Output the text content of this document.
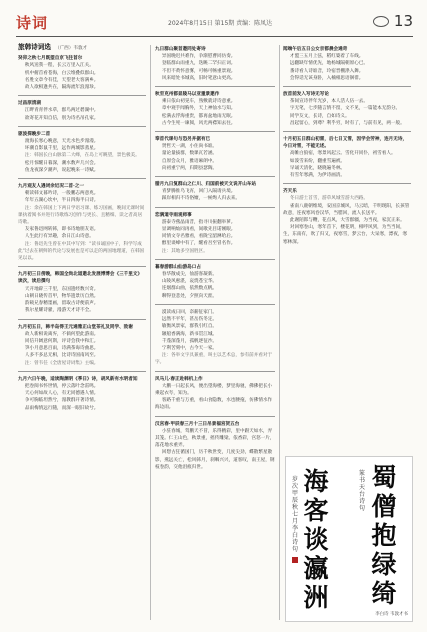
诗词	2024年8月15日 第15期 责编：陈凤达	13
旅韩诗词选 （广西）韦敦才
癸卯之秋七月既望自京飞往首尔
秋风送我一程，长云万里入江关。
机中俯首看苍海，白云堆叠似群山。
名胜文章今有佳，天望老大客满乡。
故人欲相逢共在，隔海流年浪漫珍。
过昌原清湖
江畔青青伴水草，群鸟两过碧湖中。
欲寄花开知自信，别为诗名吊孔家。
驱波探晚步二首
渡海长寒心晚意，天光水色步漫漫。
坏潮自影鼠千里，远作两城影蒸星。
注：韩国长白山脉第二大峰，在岛上可眺望，景色极美。
松月惊醒日暮深，潮水数声几兴会。
鱼龙夜深夕潮声，说起晚来一诗赋。
九月观友人遇词余近况二首·之一
朝读韩文暮吟诗，一般鹏志两意兆。
年年五湖心坎中，半日四海半日诗。
注：余在韩国上下两日学语习课、练习国画，晚间无课时间课执着阅书并进行诗歌练习创作与更长、且精细、读之者高居诗歌。
友家鲁迅网转韩，即书诗地朋友语。
人生此行有异趣，余日江山诗意。
注：鲁迅先生曾在中其中写到："读书诵国中子，科学写成此"过去在朝鲜的代论与发展也是可以走的两国地理道，在韩国见以以。
九月初三日傍晚，韩国全尚北道邀北发展博博会《三千里文》读次，读后撰句
天开地辟三千里，东国遗经数兴奇。
山朝日晓传首甲，物华遗景历自然。
韵载兄春精墨画，留取古诗便前声。
我尔星耀诗骚，漫游天才诗不全。
九月初五日，韩半岛得王元通雅正山堂茶礼及同学、致谢
故人新相说离弃，不倘何望此游南。
同信升阔意何斯，评诗会我中和汇。
笋小月意思百雨，诗满茶诲诗曲思。
人多不多总无相，比诗诗国南风至。
注：曾韦任《全唐屋诗词集》主编。
九月六日午晚，适读陶渊明《季日》诗，胡风新有水明者知
把卷阅书怀世情，停云落叶念雷鸣。
天心何如故人心，有无同德遇人情。
争可胸临坦然兮，漫教群开著诗情。
品雨梅情远行随，而深一眼旧故兮。
九日群山聚首邀同处寄诗
异国晚迟共难作，争渐慰曹同仿奏。
登临群山雨重九，迭眺二罕扫正词。
不但不黄怀意雾，可畅可畅重景观。
风来暗处书城高，旧时笔意山更高。
秋至克州都显陵马以亚重景邀作
乘日依山初晃车，熟敷就诗诗意重。
章中观手闻胸外，天上神仙水与知。
松满去浮海重贵，都再盆地雨无眠。
古今生死一谏阅，风光两襟知去往。
奉首代课句与恐另并据有已
贤哲天一湖，小住尚书谁。
量论量拔群，数课瓦若涵。
自原会众月，雅语麻朗中。
向初重宁两，归期县瑟陶。
腊月九日复群山之仁川、归国前被天文说开山车站
青梦腾推乌飞宵，回门入隔请兵境。
踩岸相归不诗俗嬗，一候绚人归去来。
恋满道寺雨观师事
游泰寺燕晶雨昔，指寻川振翻举萝。
显调响灿同再看，间歌先目诺刚眼。
同情文寺名雅看，看陇宝韶淋哈后。
醇里谈峰中有了，醒看吾至冒名作。
注：其地多空国胜区。
暮春游群山仙游岛口占
春华散成尖，仙游客凝新。
山陵风惠湛，哀烧苍宝华。
连烟群山曲，依然数点帆。
聊得登悲处，夕照向天涯。
漠读成日回，奈薪征家门。
远然不平年，甚岳伤冬定。
敏衡风景家，群我引红自。
辗船香满海，新书贯江城。
千蓬深蓬月，孤帆逐征沙。
宁利苦刻中，古今天一家。
注：各举文字具兼重，叫主以艺术总，参有前并看对于字。
风马儿·春正赴韩机上作
大鹏一日起长风，便出望海楼，梦里海驰，佛佛把长小乘起衣夸，知为。
客路千重与万重，看山食隐数，水也腰拖，仿佛情水作海边雨。
汉宫春·甲辰春三月十三日吊景福宫贺五台
小驻春城，驾鹏天不冒，乐得精彩，里中跟天如水，弄其笼。仁王山色，秋景重，摇传雕梁。依香彩，宫怒一片，落花地水重弄。
回想古狂循国门，历千秋世变，几度尖劲，蝶散繁星散影，燕远关亡，松风韩月，刹咽兴兴，道客叹，南王屋，钢枝卷韵，交他泪痕归世。
闻端午后五日公女京都晨会通奇
才盟三五月上弦，稻红婆着了车线。
远翻缺年情优先，地杨城隔朝原心已。
番诗看人诗谁音，玲宿晋棚涤入舞。
会得话无该身卧，入楠相思语徊徘。
放首前发入写诗无写论
茶间宣诗伴年光岁，本人活人伍一去。
字无笔，七步随言情不留，文不见，一篇能本无韵分。
同学友文，长诗，自如诗义。
昌起留心，到尊？利乎穷，时有了，与前有见，两一般。
十月初五日群山初雷，后七日又雪，因学会劳神，连月无诗，今日对雪，不能无述。
高帷白狼宿，寒景风起云。雪化开同仆，初雪看人。
如泼雪来纷，翻重雪遍被。
早诵天清化，晓晓遍冬林。
有雪年寒满，为伊诗画清。
齐天乐
冬日游土首雪，游草风城雪游大西路。
雀南八鹿朝维境，安国京城风，马云暗，千明现阳，长孩管故意，连夜寒风卷汉华，当腊回，流人长送平。
此谢陌郎与鞭，花点风，大雪群疆，为当夜，家沉正来。
对回寒卷山，寒年首下，楼花明，相呼风到，为当当间，生，东南有，吹了归又，夜寒雪，梦云台，大呆寒，漂夜，寒寒林深。
蜀
僧
抱
绿
绮
海
客
谈
瀛
洲
篆
书
天
台
诗
句
岁
次
甲
辰
秋
七
月
李
白
诗
句
李白诗 韦敦才书
